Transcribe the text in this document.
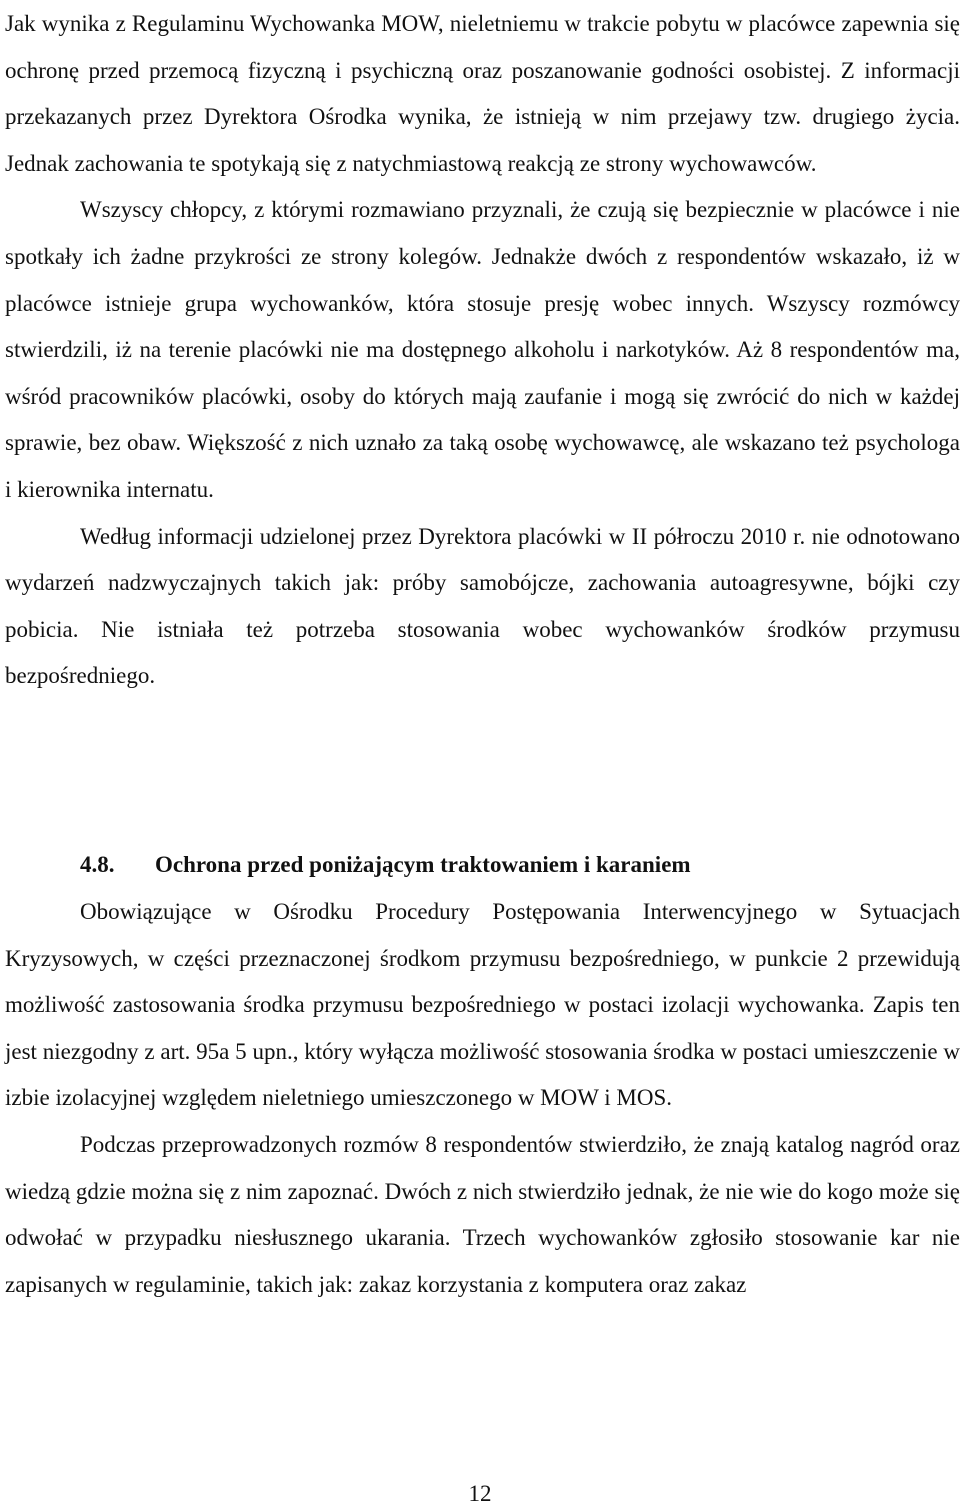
Jak wynika z Regulaminu Wychowanka MOW, nieletniemu w trakcie pobytu w placówce zapewnia się ochronę przed przemocą fizyczną i psychiczną oraz poszanowanie godności osobistej. Z informacji przekazanych przez Dyrektora Ośrodka wynika, że istnieją w nim przejawy tzw. drugiego życia. Jednak zachowania te spotykają się z natychmiastową reakcją ze strony wychowawców.

Wszyscy chłopcy, z którymi rozmawiano przyznali, że czują się bezpiecznie w placówce i nie spotkały ich żadne przykrości ze strony kolegów. Jednakże dwóch z respondentów wskazało, iż w placówce istnieje grupa wychowanków, która stosuje presję wobec innych. Wszyscy rozmówcy stwierdzili, iż na terenie placówki nie ma dostępnego alkoholu i narkotyków. Aż 8 respondentów ma, wśród pracowników placówki, osoby do których mają zaufanie i mogą się zwrócić do nich w każdej sprawie, bez obaw. Większość z nich uznało za taką osobę wychowawcę, ale wskazano też psychologa i kierownika internatu.

Według informacji udzielonej przez Dyrektora placówki w II półroczu 2010 r. nie odnotowano wydarzeń nadzwyczajnych takich jak: próby samobójcze, zachowania autoagresywne, bójki czy pobicia. Nie istniała też potrzeba stosowania wobec wychowanków środków przymusu bezpośredniego.

4.8. Ochrona przed poniżającym traktowaniem i karaniem

Obowiązujące w Ośrodku Procedury Postępowania Interwencyjnego w Sytuacjach Kryzysowych, w części przeznaczonej środkom przymusu bezpośredniego, w punkcie 2 przewidują możliwość zastosowania środka przymusu bezpośredniego w postaci izolacji wychowanka. Zapis ten jest niezgodny z art. 95a 5 upn., który wyłącza możliwość stosowania środka w postaci umieszczenie w izbie izolacyjnej względem nieletniego umieszczonego w MOW i MOS.

Podczas przeprowadzonych rozmów 8 respondentów stwierdziło, że znają katalog nagród oraz wiedzą gdzie można się z nim zapoznać. Dwóch z nich stwierdziło jednak, że nie wie do kogo może się odwołać w przypadku niesłusznego ukarania. Trzech wychowanków zgłosiło stosowanie kar nie zapisanych w regulaminie, takich jak: zakaz korzystania z komputera oraz zakaz

12
